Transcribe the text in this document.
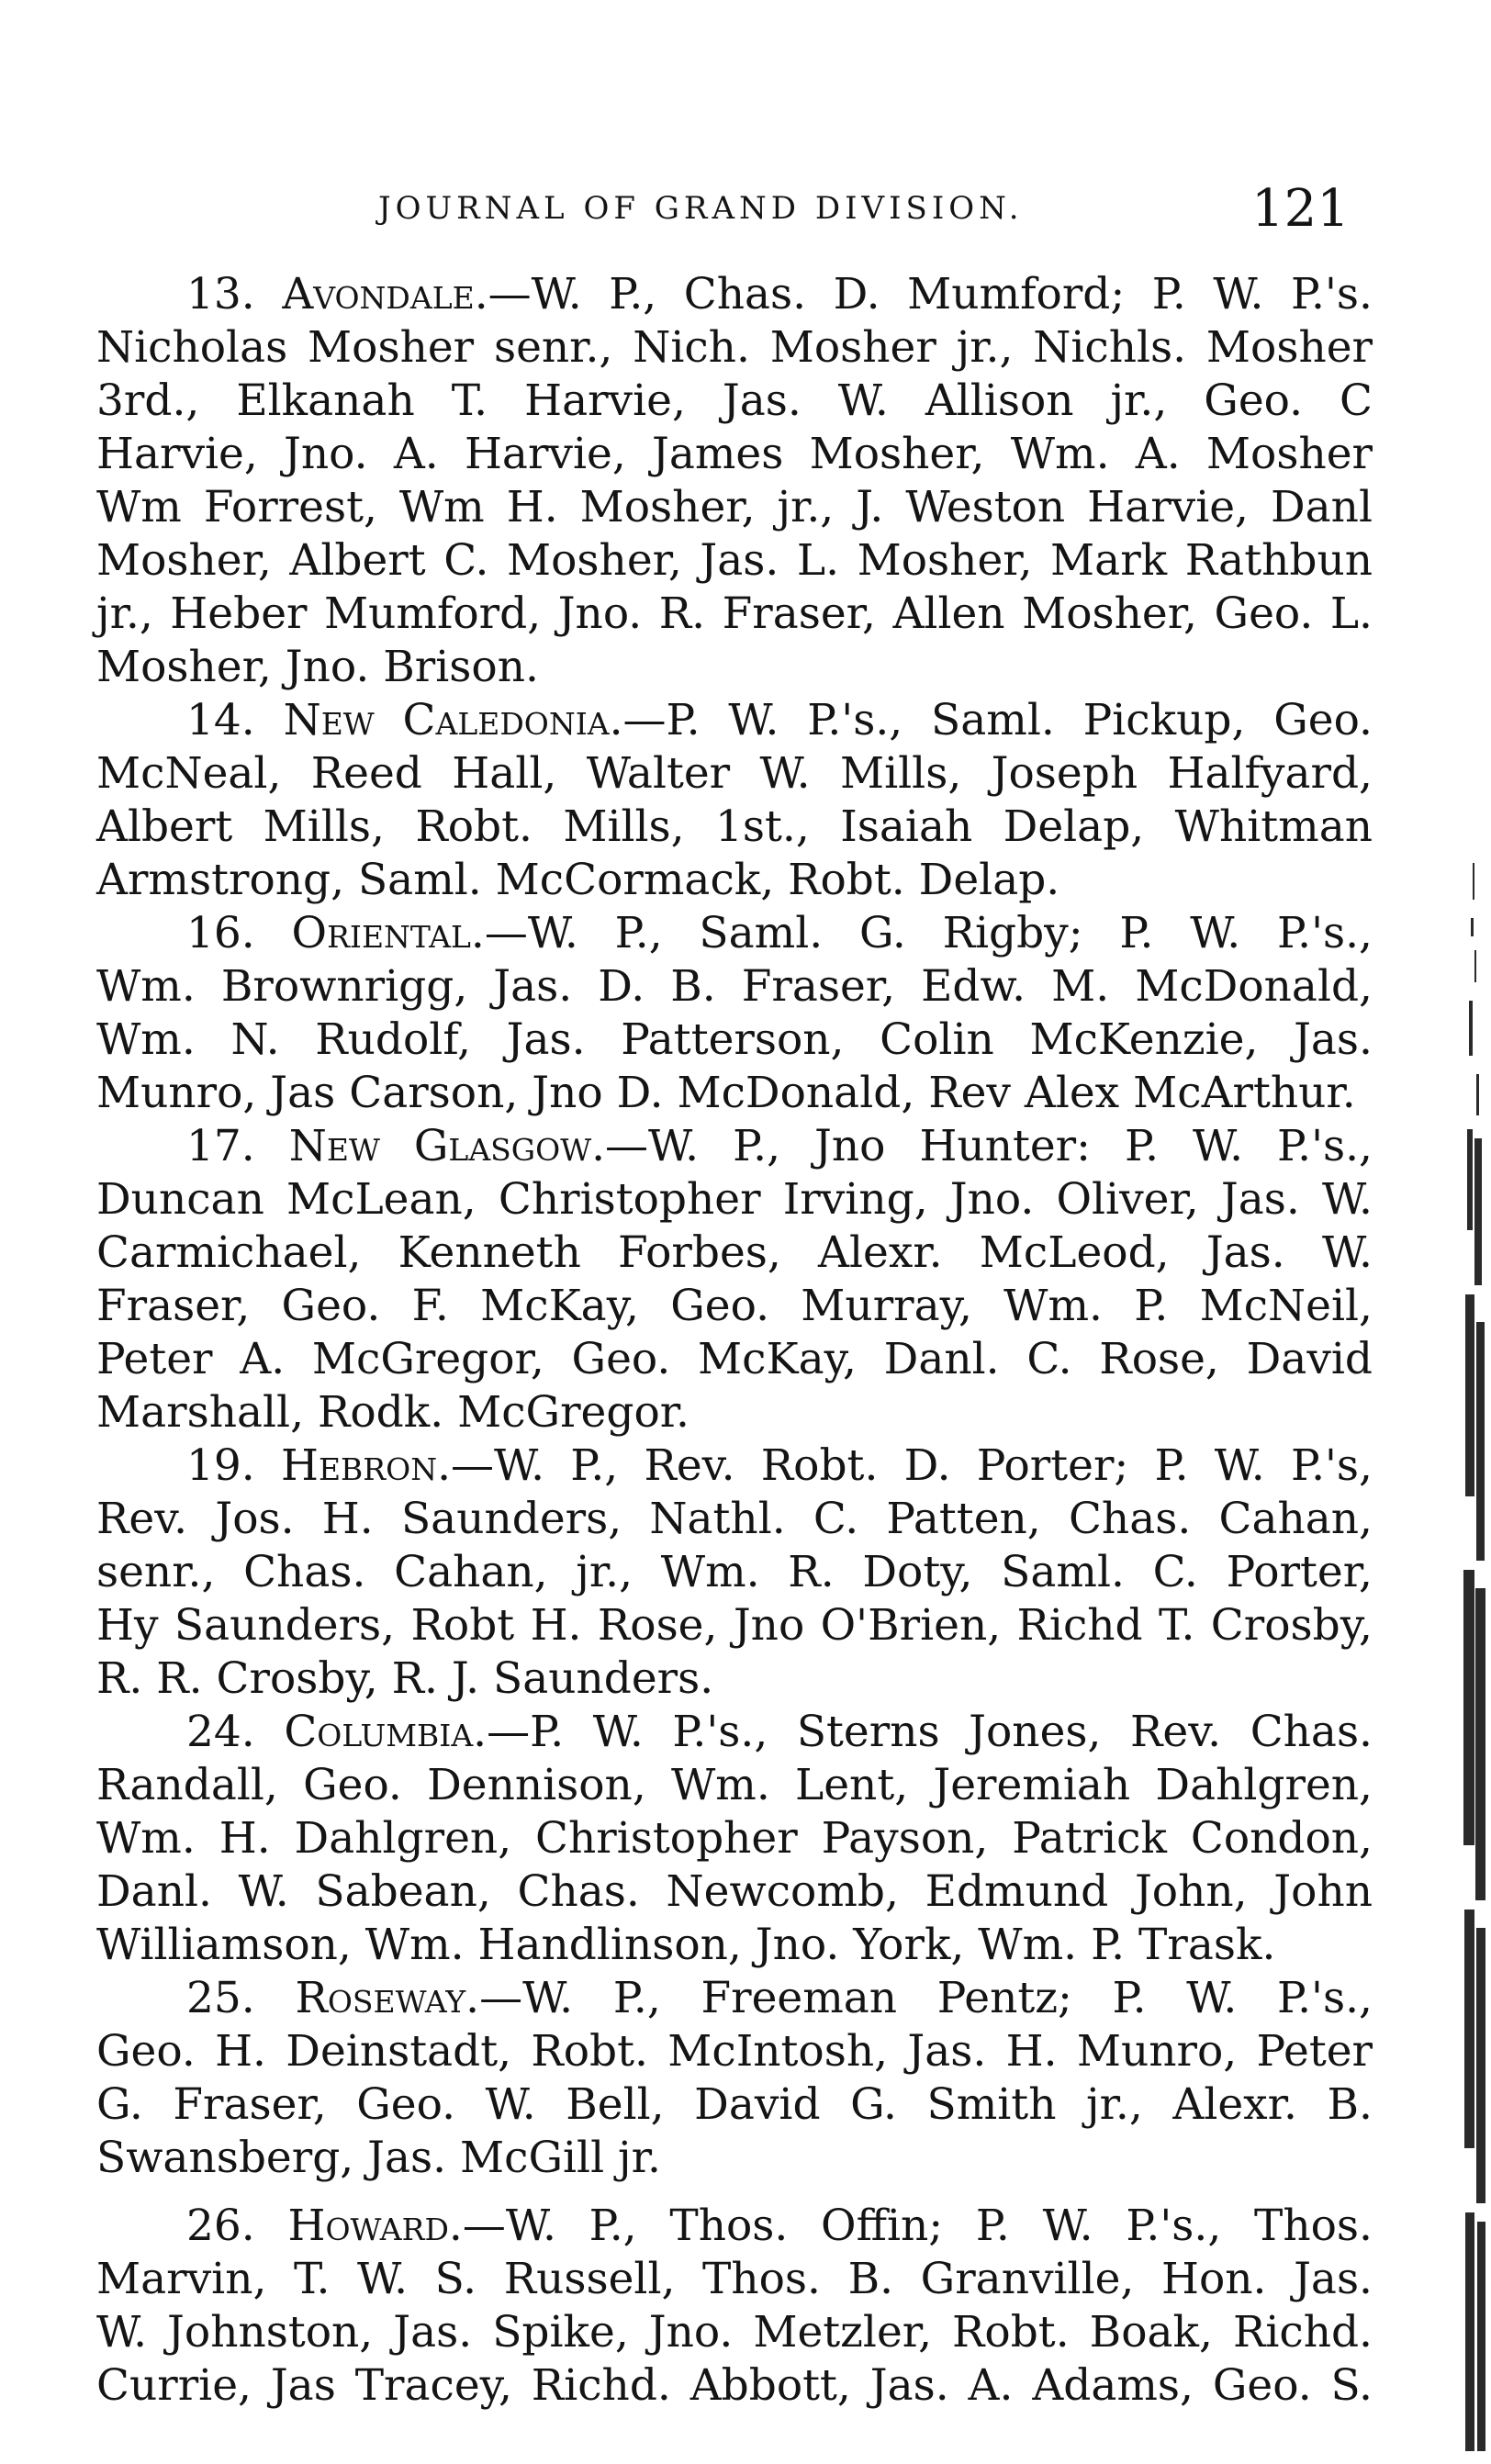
JOURNAL OF GRAND DIVISION.	121
13. Avondale.—W. P., Chas. D. Mumford; P. W. P.'s.
Nicholas Mosher senr., Nich. Mosher jr., Nichls. Mosher
3rd., Elkanah T. Harvie, Jas. W. Allison jr., Geo. C
Harvie, Jno. A. Harvie, James Mosher, Wm. A. Mosher
Wm Forrest, Wm H. Mosher, jr., J. Weston Harvie, Danl
Mosher, Albert C. Mosher, Jas. L. Mosher, Mark Rathbun
jr., Heber Mumford, Jno. R. Fraser, Allen Mosher, Geo. L.
Mosher, Jno. Brison.
14. New Caledonia.—P. W. P.'s., Saml. Pickup, Geo.
McNeal, Reed Hall, Walter W. Mills, Joseph Halfyard,
Albert Mills, Robt. Mills, 1st., Isaiah Delap, Whitman
Armstrong, Saml. McCormack, Robt. Delap.
16. Oriental.—W. P., Saml. G. Rigby; P. W. P.'s.,
Wm. Brownrigg, Jas. D. B. Fraser, Edw. M. McDonald,
Wm. N. Rudolf, Jas. Patterson, Colin McKenzie, Jas.
Munro, Jas Carson, Jno D. McDonald, Rev Alex McArthur.
17. New Glasgow.—W. P., Jno Hunter: P. W. P.'s.,
Duncan McLean, Christopher Irving, Jno. Oliver, Jas. W.
Carmichael, Kenneth Forbes, Alexr. McLeod, Jas. W.
Fraser, Geo. F. McKay, Geo. Murray, Wm. P. McNeil,
Peter A. McGregor, Geo. McKay, Danl. C. Rose, David
Marshall, Rodk. McGregor.
19. Hebron.—W. P., Rev. Robt. D. Porter; P. W. P.'s,
Rev. Jos. H. Saunders, Nathl. C. Patten, Chas. Cahan,
senr., Chas. Cahan, jr., Wm. R. Doty, Saml. C. Porter,
Hy Saunders, Robt H. Rose, Jno O'Brien, Richd T. Crosby,
R. R. Crosby, R. J. Saunders.
24. Columbia.—P. W. P.'s., Sterns Jones, Rev. Chas.
Randall, Geo. Dennison, Wm. Lent, Jeremiah Dahlgren,
Wm. H. Dahlgren, Christopher Payson, Patrick Condon,
Danl. W. Sabean, Chas. Newcomb, Edmund John, John
Williamson, Wm. Handlinson, Jno. York, Wm. P. Trask.
25. Roseway.—W. P., Freeman Pentz; P. W. P.'s.,
Geo. H. Deinstadt, Robt. McIntosh, Jas. H. Munro, Peter
G. Fraser, Geo. W. Bell, David G. Smith jr., Alexr. B.
Swansberg, Jas. McGill jr.
26. Howard.—W. P., Thos. Offin; P. W. P.'s., Thos.
Marvin, T. W. S. Russell, Thos. B. Granville, Hon. Jas.
W. Johnston, Jas. Spike, Jno. Metzler, Robt. Boak, Richd.
Currie, Jas Tracey, Richd. Abbott, Jas. A. Adams, Geo. S.
